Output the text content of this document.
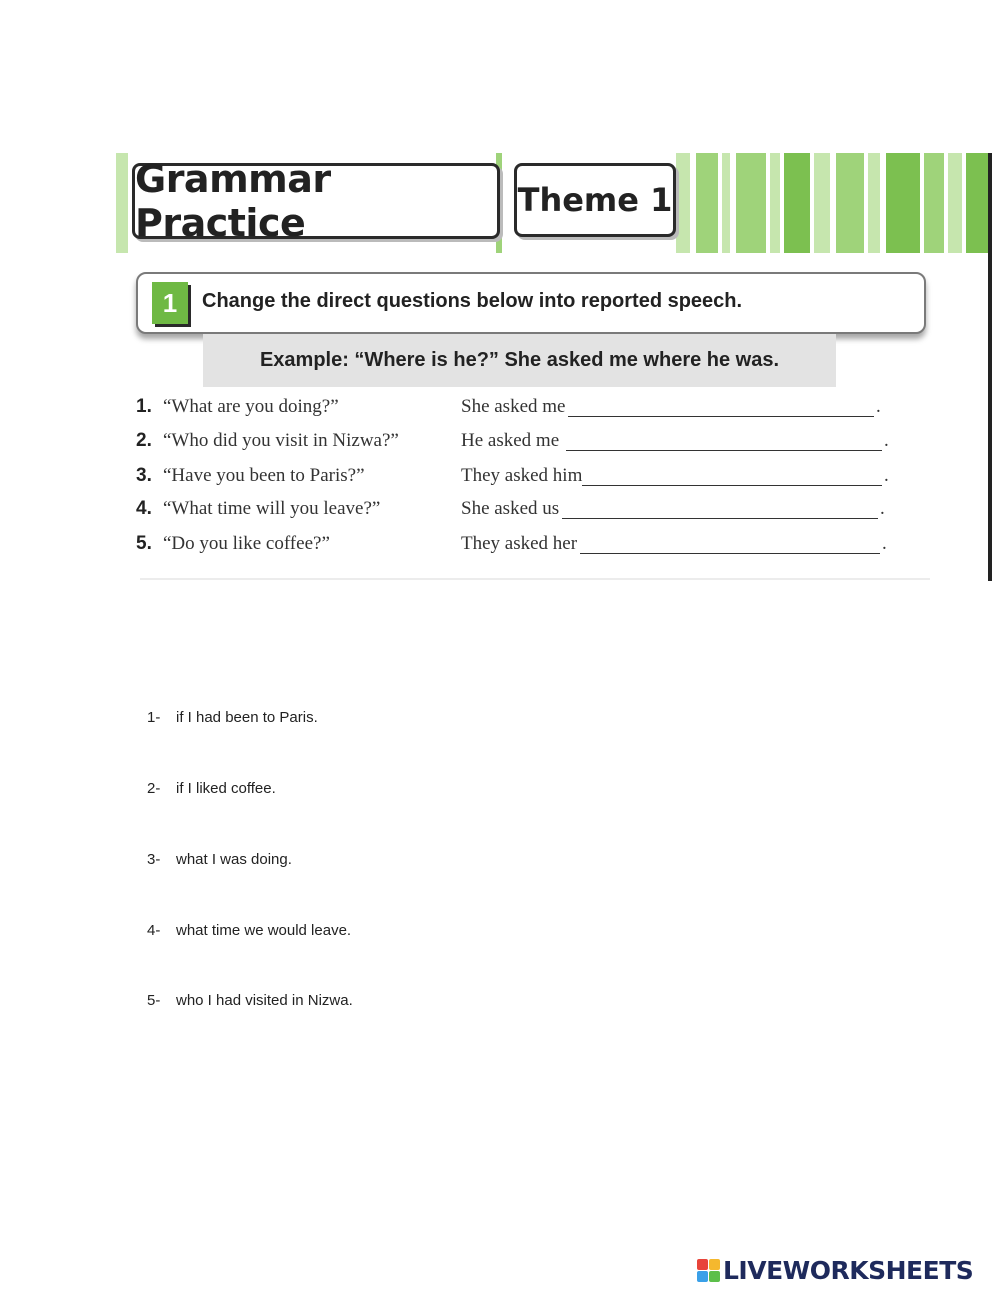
Grammar Practice
Theme 1
1	Change the direct questions below into reported speech.
Example: “Where is he?” She asked me where he was.
1. “What are you doing?”	She asked me	.
2. “Who did you visit in Nizwa?”	He asked me	.
3. “Have you been to Paris?”	They asked him	.
4. “What time will you leave?”	She asked us	.
5. “Do you like coffee?”	They asked her	.
1- if I had been to Paris.
2- if I liked coffee.
3- what I was doing.
4- what time we would leave.
5- who I had visited in Nizwa.
LIVEWORKSHEETS
